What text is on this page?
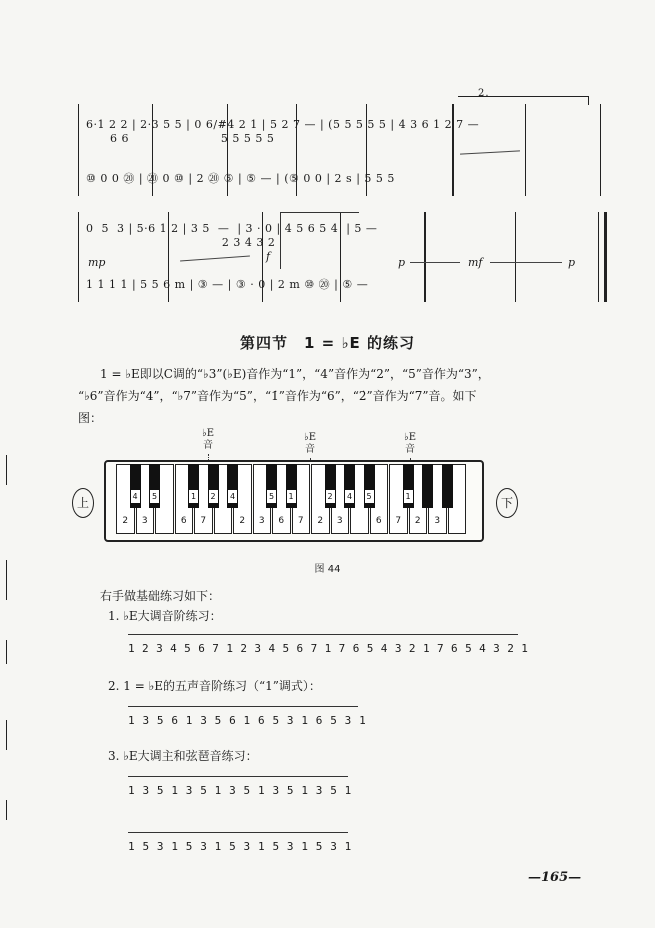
2.
6·1 2 2 | 2·3 5 5 | 0 6/#4 2 1 | 5 2 7 — | (5 5 5 5 5 | 4 3 6 1 2 7 —
6 6                       5 5 5 5 5
⑩ 0 0 ⑳ | ⑳ 0 ⑩ | 2 ⑳ ⑤ | ⑤ — | (⑤ 0 0 | 2 s | 5 5 5
0  5  3 | 5·6 1 2 | 3 5  —  | 3 · 0 | 4 5 6 5 4  | 5 —
2 3 4 3 2
1 1 1 1 | 5 5 6 m | ③ — | ③ · 0 | 2 m ⑩ ⑳ | ⑤ —
mp	f	p	mf	p
第四节　1 = ♭E 的练习
1 = ♭E即以C调的“♭3”(♭E)音作为“1”，“4”音作为“2”，“5”音作为“3”，
“♭6”音作为“4”，“♭7”音作为“5”，“1̇”音作为“6”，“2̇”音作为“7”音。如下
图：
♭E
音
♭E
音
♭E
音
上	下
2	3	6	7	2	3	6	7	2	3	6	7	2	3
4 5	1 2 4	5 1	2 4 5	1
图 44
右手做基础练习如下：
1. ♭E大调音阶练习：
1 2 3 4 5 6 7 1 2 3 4 5 6 7 1 7 6 5 4 3 2 1 7 6 5 4 3 2 1
2. 1 = ♭E的五声音阶练习（“1”调式）：
1 3 5 6 1 3 5 6 1 6 5 3 1 6 5 3 1
3. ♭E大调主和弦琶音练习：
1 3 5 1 3 5 1 3 5 1 3 5 1 3 5 1
1 5 3 1 5 3 1 5 3 1 5 3 1 5 3 1
—165—
